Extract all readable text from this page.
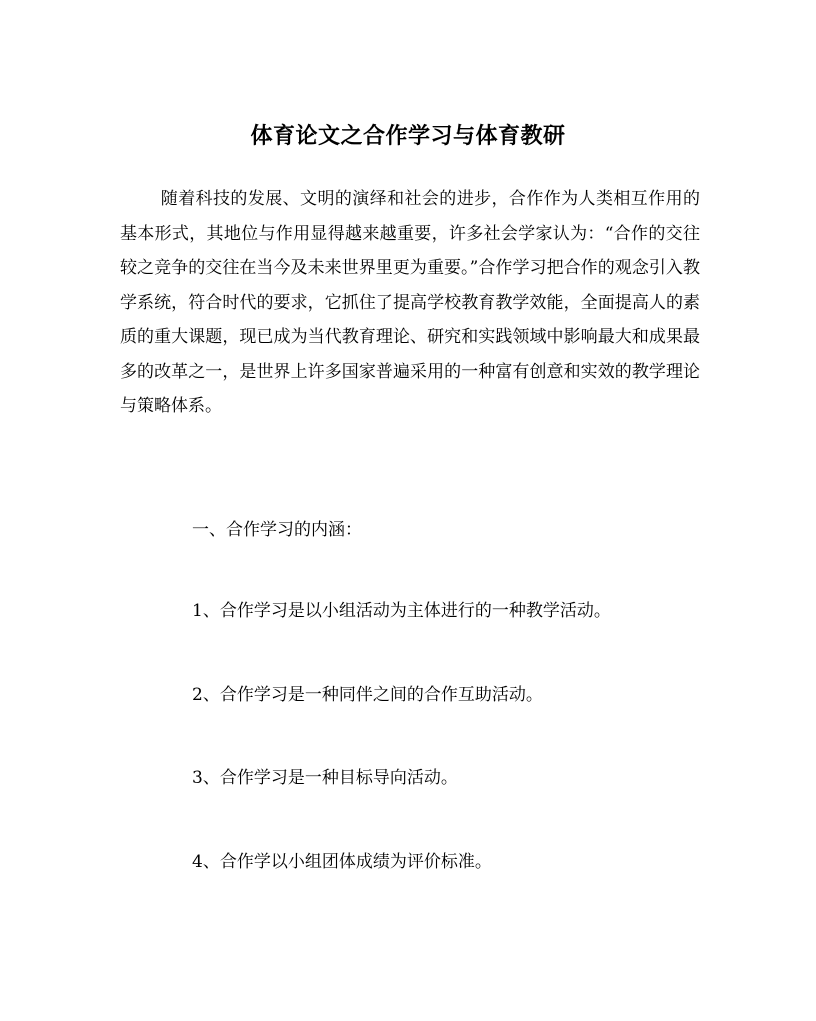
体育论文之合作学习与体育教研

随着科技的发展、文明的演绎和社会的进步，合作作为人类相互作用的基本形式，其地位与作用显得越来越重要，许多社会学家认为：“合作的交往较之竞争的交往在当今及未来世界里更为重要。”合作学习把合作的观念引入教学系统，符合时代的要求，它抓住了提高学校教育教学效能，全面提高人的素质的重大课题，现已成为当代教育理论、研究和实践领域中影响最大和成果最多的改革之一，是世界上许多国家普遍采用的一种富有创意和实效的教学理论与策略体系。

一、合作学习的内涵：

1、合作学习是以小组活动为主体进行的一种教学活动。

2、合作学习是一种同伴之间的合作互助活动。

3、合作学习是一种目标导向活动。

4、合作学以小组团体成绩为评价标准。
